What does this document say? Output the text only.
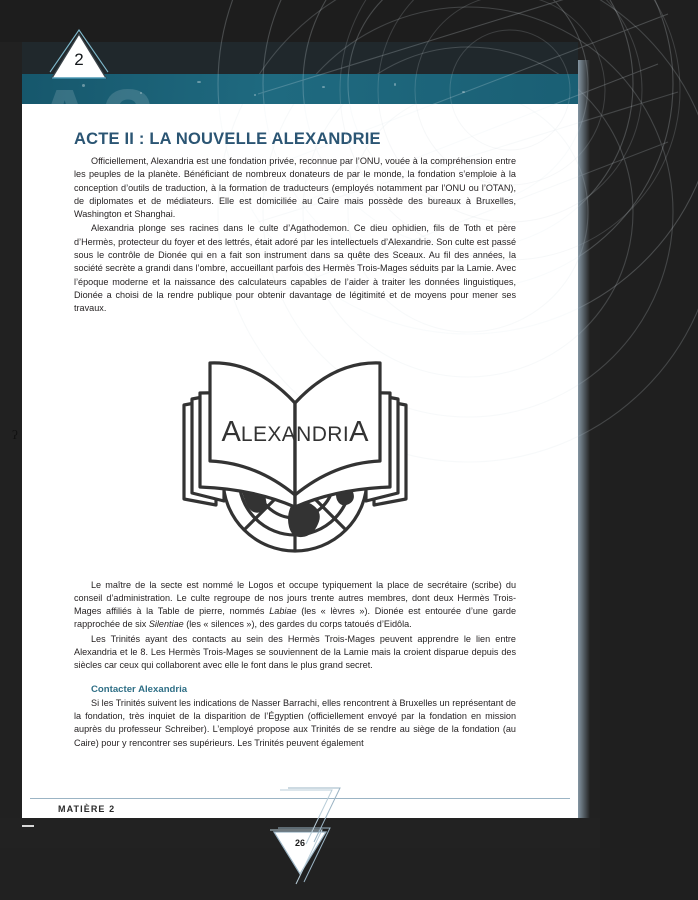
A2
2
ACTE II : LA NOUVELLE ALEXANDRIE

Officiellement, Alexandria est une fondation privée, reconnue par l’ONU, vouée à la compréhension entre les peuples de la planète. Bénéficiant de nombreux donateurs de par le monde, la fondation s’emploie à la conception d’outils de traduction, à la formation de traducteurs (employés notamment par l’ONU ou l’OTAN), de diplomates et de médiateurs. Elle est domiciliée au Caire mais possède des bureaux à Bruxelles, Washington et Shanghai.

Alexandria plonge ses racines dans le culte d’Agathodemon. Ce dieu ophidien, fils de Toth et père d’Hermès, protecteur du foyer et des lettrés, était adoré par les intellectuels d’Alexandrie. Son culte est passé sous le contrôle de Dionée qui en a fait son instrument dans sa quête des Sceaux. Au fil des années, la société secrète a grandi dans l’ombre, accueillant parfois des Hermès Trois-Mages séduits par la Lamie. Avec l’époque moderne et la naissance des calculateurs capables de l’aider à traiter les données linguistiques, Dionée a choisi de la rendre publique pour obtenir davantage de légitimité et de moyens pour mener ses travaux.

ALEXANDRIA

Le maître de la secte est nommé le Logos et occupe typiquement la place de secrétaire (scribe) du conseil d’administration. Le culte regroupe de nos jours trente autres membres, dont deux Hermès Trois-Mages affiliés à la Table de pierre, nommés Labiae (les « lèvres »). Dionée est entourée d’une garde rapprochée de six Silentiae (les « silences »), des gardes du corps tatoués d’Eidôla.

Les Trinités ayant des contacts au sein des Hermès Trois-Mages peuvent apprendre le lien entre Alexandria et le 8. Les Hermès Trois-Mages se souviennent de la Lamie mais la croient disparue depuis des siècles car ceux qui collaborent avec elle le font dans le plus grand secret.

Contacter Alexandria

Si les Trinités suivent les indications de Nasser Barrachi, elles rencontrent à Bruxelles un représentant de la fondation, très inquiet de la disparition de l’Égyptien (officiellement envoyé par la fondation en mission auprès du professeur Schreiber). L’employé propose aux Trinités de se rendre au siège de la fondation (au Caire) pour y rencontrer ses supérieurs. Les Trinités peuvent également

MATIÈRE 2
26
ʔ
